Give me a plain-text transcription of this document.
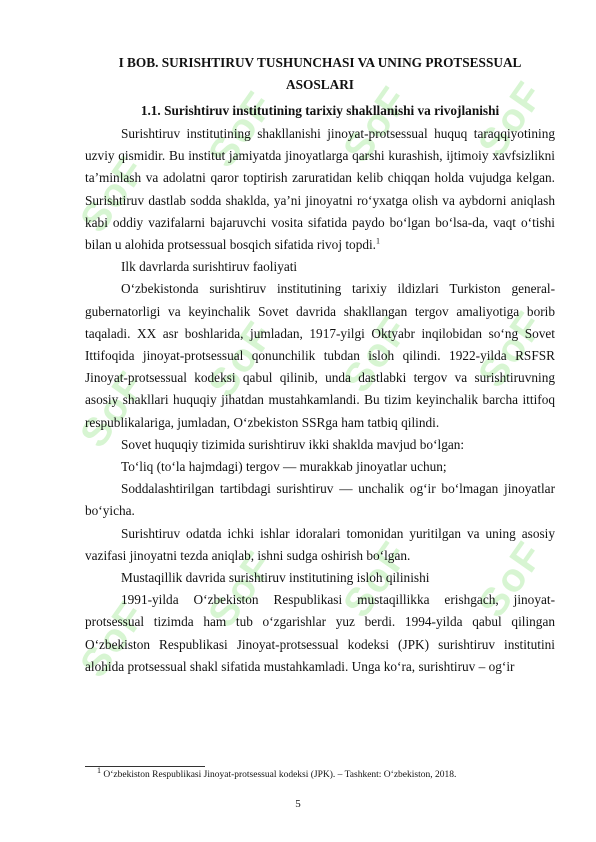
SoF
SoF SoF SoF
SoF
SoF SoF SoF
SoF
SoF SoF SoF
I BOB. SURISHTIRUV TUSHUNCHASI VA UNING PROTSESSUAL ASOSLARI
1.1. Surishtiruv institutining tarixiy shakllanishi va rivojlanishi

Surishtiruv institutining shakllanishi jinoyat-protsessual huquq taraqqiyotining uzviy qismidir. Bu institut jamiyatda jinoyatlarga qarshi kurashish, ijtimoiy xavfsizlikni ta’minlash va adolatni qaror toptirish zaruratidan kelib chiqqan holda vujudga kelgan. Surishtiruv dastlab sodda shaklda, ya’ni jinoyatni ro‘yxatga olish va aybdorni aniqlash kabi oddiy vazifalarni bajaruvchi vosita sifatida paydo bo‘lgan bo‘lsa-da, vaqt o‘tishi bilan u alohida protsessual bosqich sifatida rivoj topdi.$^1$

Ilk davrlarda surishtiruv faoliyati

O‘zbekistonda surishtiruv institutining tarixiy ildizlari Turkiston general-gubernatorligi va keyinchalik Sovet davrida shakllangan tergov amaliyotiga borib taqaladi. XX asr boshlarida, jumladan, 1917-yilgi Oktyabr inqilobidan so‘ng Sovet Ittifoqida jinoyat-protsessual qonunchilik tubdan isloh qilindi. 1922-yilda RSFSR Jinoyat-protsessual kodeksi qabul qilinib, unda dastlabki tergov va surishtiruvning asosiy shakllari huquqiy jihatdan mustahkamlandi. Bu tizim keyinchalik barcha ittifoq respublikalariga, jumladan, O‘zbekiston SSRga ham tatbiq qilindi.

Sovet huquqiy tizimida surishtiruv ikki shaklda mavjud bo‘lgan:

To‘liq (to‘la hajmdagi) tergov — murakkab jinoyatlar uchun;

Soddalashtirilgan tartibdagi surishtiruv — unchalik og‘ir bo‘lmagan jinoyatlar bo‘yicha.

Surishtiruv odatda ichki ishlar idoralari tomonidan yuritilgan va uning asosiy vazifasi jinoyatni tezda aniqlab, ishni sudga oshirish bo‘lgan.

Mustaqillik davrida surishtiruv institutining isloh qilinishi

1991-yilda O‘zbekiston Respublikasi mustaqillikka erishgach, jinoyat-protsessual tizimda ham tub o‘zgarishlar yuz berdi. 1994-yilda qabul qilingan O‘zbekiston Respublikasi Jinoyat-protsessual kodeksi (JPK) surishtiruv institutini alohida protsessual shakl sifatida mustahkamladi. Unga ko‘ra, surishtiruv – og‘ir

$^1$ O‘zbekiston Respublikasi Jinoyat-protsessual kodeksi (JPK). – Tashkent: O‘zbekiston, 2018.
5
